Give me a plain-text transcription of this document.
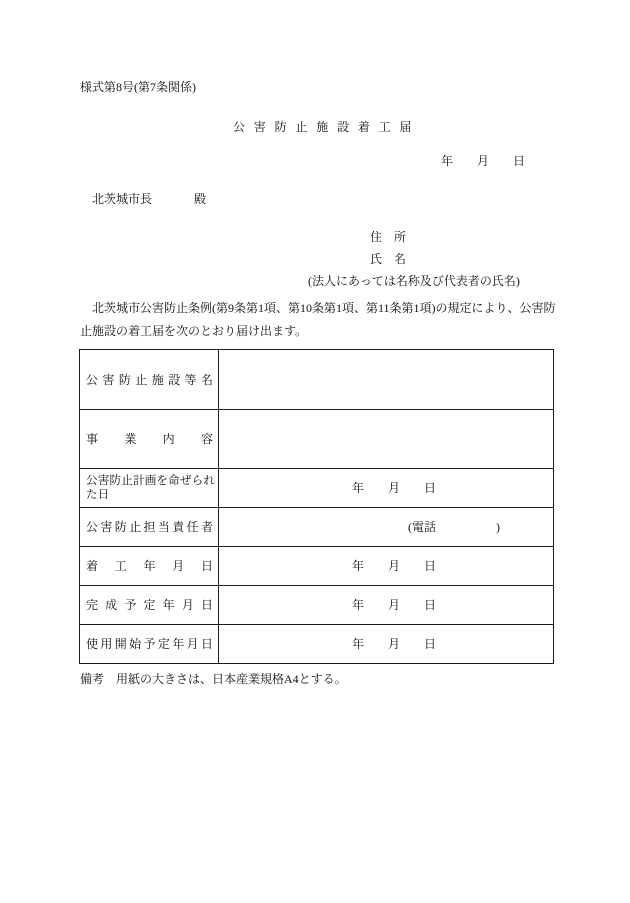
様式第8号(第7条関係)

公害防止施設着工届

年　　月　　日

北茨城市長	殿

住　所

氏　名

(法人にあっては名称及び代表者の氏名)

　北茨城市公害防止条例(第9条第1項、第10条第1項、第11条第1項)の規定により、公害防

止施設の着工届を次のとおり届け出ます。

公害防止施設等名	

事業内容	

公害防止計画を命ぜられた日	年　　月　　日

公害防止担当責任者	(電話　　　　　)

着工年月日	年　　月　　日

完成予定年月日	年　　月　　日

使用開始予定年月日	年　　月　　日

備考　用紙の大きさは、日本産業規格A4とする。
